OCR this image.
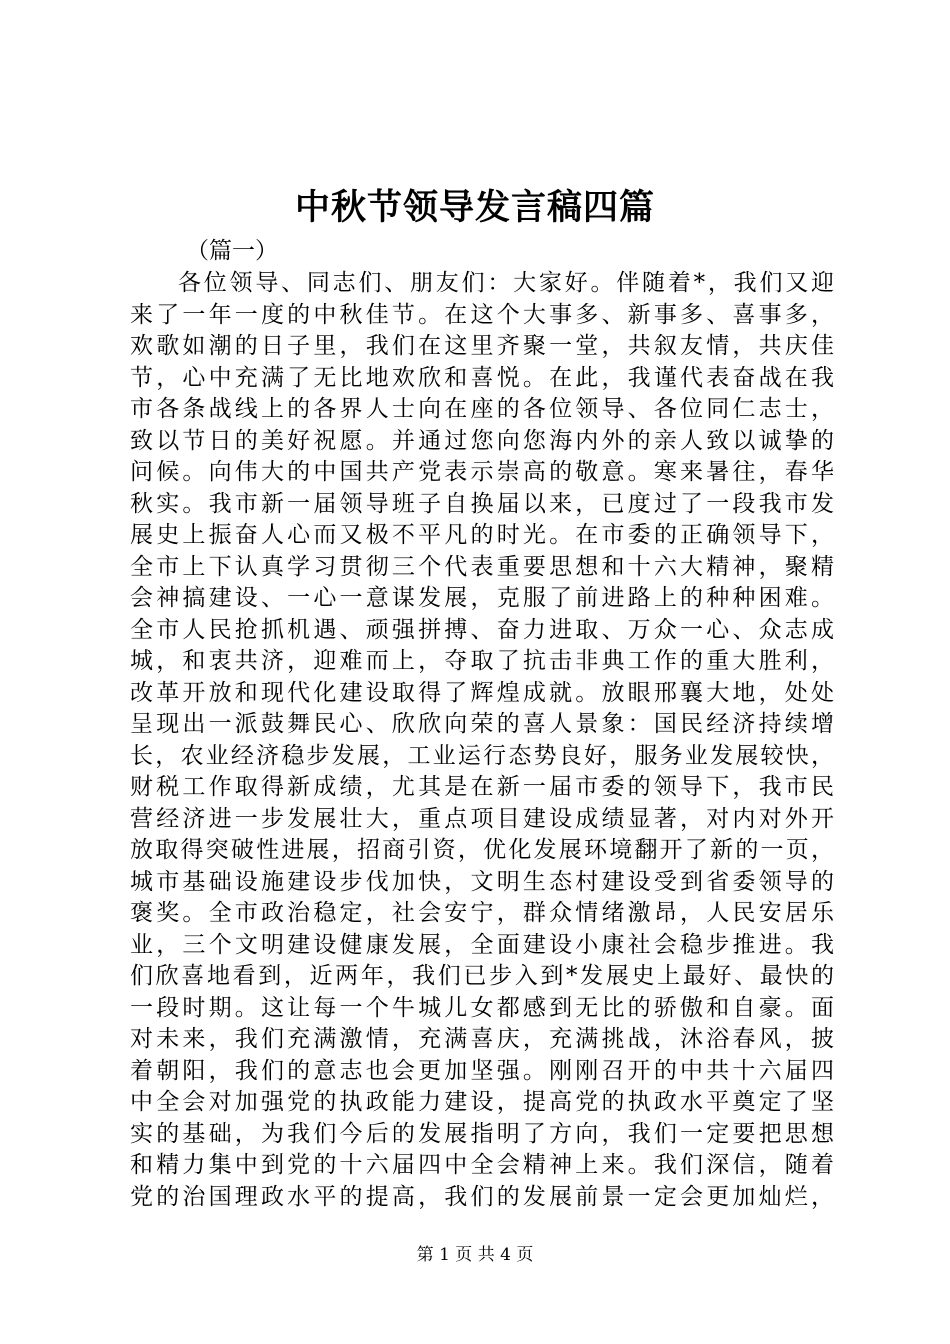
中秋节领导发言稿四篇

（篇一）

各位领导、同志们、朋友们：大家好。伴随着*，我们又迎
来了一年一度的中秋佳节。在这个大事多、新事多、喜事多，
欢歌如潮的日子里，我们在这里齐聚一堂，共叙友情，共庆佳
节，心中充满了无比地欢欣和喜悦。在此，我谨代表奋战在我
市各条战线上的各界人士向在座的各位领导、各位同仁志士，
致以节日的美好祝愿。并通过您向您海内外的亲人致以诚挚的
问候。向伟大的中国共产党表示崇高的敬意。寒来暑往，春华
秋实。我市新一届领导班子自换届以来，已度过了一段我市发
展史上振奋人心而又极不平凡的时光。在市委的正确领导下，
全市上下认真学习贯彻三个代表重要思想和十六大精神，聚精
会神搞建设、一心一意谋发展，克服了前进路上的种种困难。
全市人民抢抓机遇、顽强拼搏、奋力进取、万众一心、众志成
城，和衷共济，迎难而上，夺取了抗击非典工作的重大胜利，
改革开放和现代化建设取得了辉煌成就。放眼邢襄大地，处处
呈现出一派鼓舞民心、欣欣向荣的喜人景象：国民经济持续增
长，农业经济稳步发展，工业运行态势良好，服务业发展较快，
财税工作取得新成绩，尤其是在新一届市委的领导下，我市民
营经济进一步发展壮大，重点项目建设成绩显著，对内对外开
放取得突破性进展，招商引资，优化发展环境翻开了新的一页，
城市基础设施建设步伐加快，文明生态村建设受到省委领导的
褒奖。全市政治稳定，社会安宁，群众情绪激昂，人民安居乐
业，三个文明建设健康发展，全面建设小康社会稳步推进。我
们欣喜地看到，近两年，我们已步入到*发展史上最好、最快的
一段时期。这让每一个牛城儿女都感到无比的骄傲和自豪。面
对未来，我们充满激情，充满喜庆，充满挑战，沐浴春风，披
着朝阳，我们的意志也会更加坚强。刚刚召开的中共十六届四
中全会对加强党的执政能力建设，提高党的执政水平奠定了坚
实的基础，为我们今后的发展指明了方向，我们一定要把思想
和精力集中到党的十六届四中全会精神上来。我们深信，随着
党的治国理政水平的提高，我们的发展前景一定会更加灿烂，
第 1 页 共 4 页
